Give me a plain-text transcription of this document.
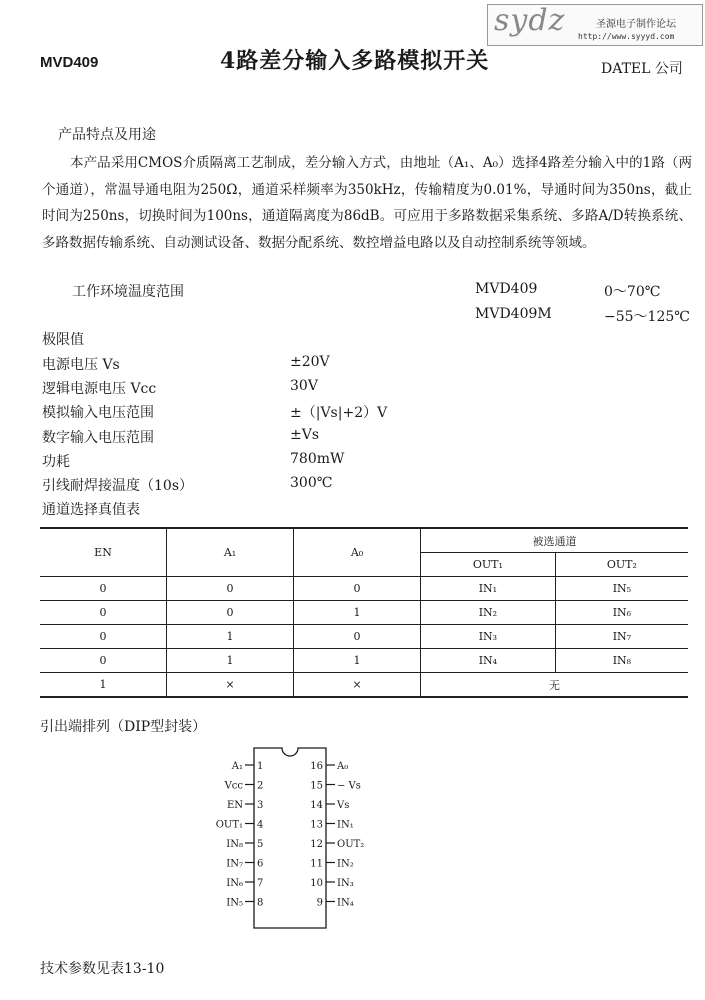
MVD409	4路差分输入多路模拟开关	DATEL 公司
sydz	圣源电子制作论坛
http://www.syyyd.com
产品特点及用途
本产品采用CMOS介质隔离工艺制成，差分输入方式，由地址（A₁、A₀）选择4路差分输入中的1路（两个通道），常温导通电阻为250Ω，通道采样频率为350kHz，传输精度为0.01%，导通时间为350ns，截止时间为250ns，切换时间为100ns，通道隔离度为86dB。可应用于多路数据采集系统、多路A/D转换系统、多路数据传输系统、自动测试设备、数据分配系统、数控增益电路以及自动控制系统等领域。
工作环境温度范围	MVD409	0～70℃
MVD409M	−55～125℃
极限值
电源电压 Vs	±20V
逻辑电源电压 Vcc	30V
模拟输入电压范围	±（|Vs|+2）V
数字输入电压范围	±Vs
功耗	780mW
引线耐焊接温度（10s）	300℃
通道选择真值表
EN	A₁	A₀	被选通道	
			OUT₁	OUT₂
0	0	0	IN₁	IN₅
0	0	1	IN₂	IN₆
0	1	0	IN₃	IN₇
0	1	1	IN₄	IN₈
1	×	×	无	
引出端排列（DIP型封装）
A₁ 1
Vcc 2
EN 3
OUT₁ 4
IN₈ 5
IN₇ 6
IN₆ 7
IN₅ 8
A₀
16
− Vs
15
Vs
14
IN₁
13
OUT₂
12
IN₂
11
IN₃
10
IN₄
9
技术参数见表13-10
